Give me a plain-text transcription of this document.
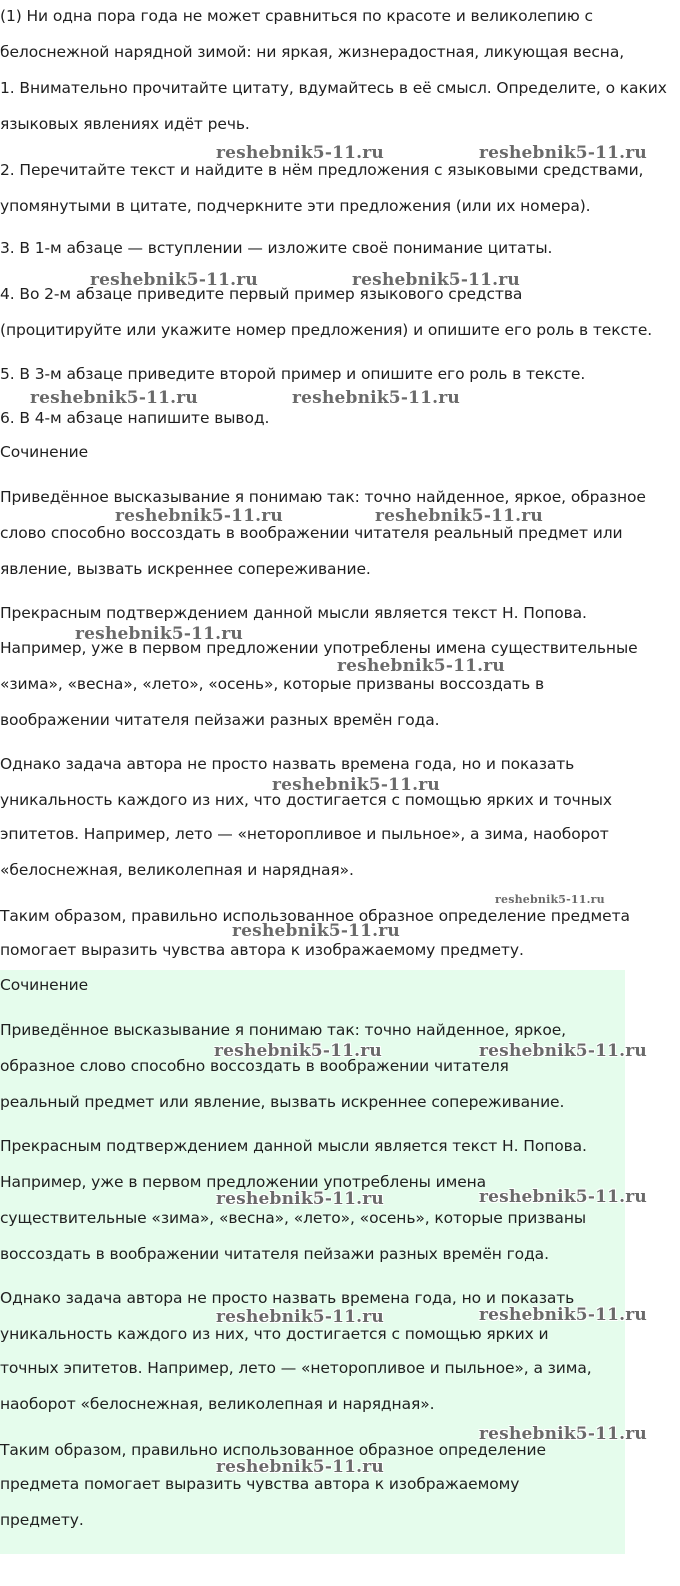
(1) Ни одна пора года не может сравниться по красоте и великолепию с

белоснежной нарядной зимой: ни яркая, жизнерадостная, ликующая весна,

1. Внимательно прочитайте цитату, вдумайтесь в её смысл. Определите, о каких

языковых явлениях идёт речь.

2. Перечитайте текст и найдите в нём предложения с языковыми средствами,

упомянутыми в цитате, подчеркните эти предложения (или их номера).

3. В 1-м абзаце — вступлении — изложите своё понимание цитаты.

4. Во 2-м абзаце приведите первый пример языкового средства

(процитируйте или укажите номер предложения) и опишите его роль в тексте.

5. В 3-м абзаце приведите второй пример и опишите его роль в тексте.

6. В 4-м абзаце напишите вывод.

Сочинение

Приведённое высказывание я понимаю так: точно найденное, яркое, образное

слово способно воссоздать в воображении читателя реальный предмет или

явление, вызвать искреннее сопереживание.

Прекрасным подтверждением данной мысли является текст Н. Попова.

Например, уже в первом предложении употреблены имена существительные

«зима», «весна», «лето», «осень», которые призваны воссоздать в

воображении читателя пейзажи разных времён года.

Однако задача автора не просто назвать времена года, но и показать

уникальность каждого из них, что достигается с помощью ярких и точных

эпитетов. Например, лето — «неторопливое и пыльное», а зима, наоборот

«белоснежная, великолепная и нарядная».

Таким образом, правильно использованное образное определение предмета

помогает выразить чувства автора к изображаемому предмету.

Сочинение

Приведённое высказывание я понимаю так: точно найденное, яркое,

образное слово способно воссоздать в воображении читателя

реальный предмет или явление, вызвать искреннее сопереживание.

Прекрасным подтверждением данной мысли является текст Н. Попова.

Например, уже в первом предложении употреблены имена

существительные «зима», «весна», «лето», «осень», которые призваны

воссоздать в воображении читателя пейзажи разных времён года.

Однако задача автора не просто назвать времена года, но и показать

уникальность каждого из них, что достигается с помощью ярких и

точных эпитетов. Например, лето — «неторопливое и пыльное», а зима,

наоборот «белоснежная, великолепная и нарядная».

Таким образом, правильно использованное образное определение

предмета помогает выразить чувства автора к изображаемому

предмету.

reshebnik5-11.ru	reshebnik5-11.ru
reshebnik5-11.ru	reshebnik5-11.ru
reshebnik5-11.ru	reshebnik5-11.ru
reshebnik5-11.ru	reshebnik5-11.ru
reshebnik5-11.ru
reshebnik5-11.ru
reshebnik5-11.ru
reshebnik5-11.ru
reshebnik5-11.ru
reshebnik5-11.ru	reshebnik5-11.ru
reshebnik5-11.ru	reshebnik5-11.ru
reshebnik5-11.ru	reshebnik5-11.ru
reshebnik5-11.ru
reshebnik5-11.ru
